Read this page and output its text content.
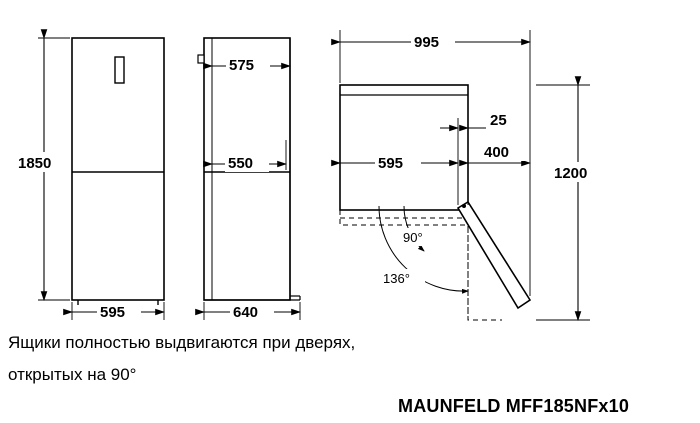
1850
595
575
550
640
995
595
25
400
1200
90°
136°
Ящики полностью выдвигаются при дверях,
открытых на 90°
MAUNFELD MFF185NFx10
